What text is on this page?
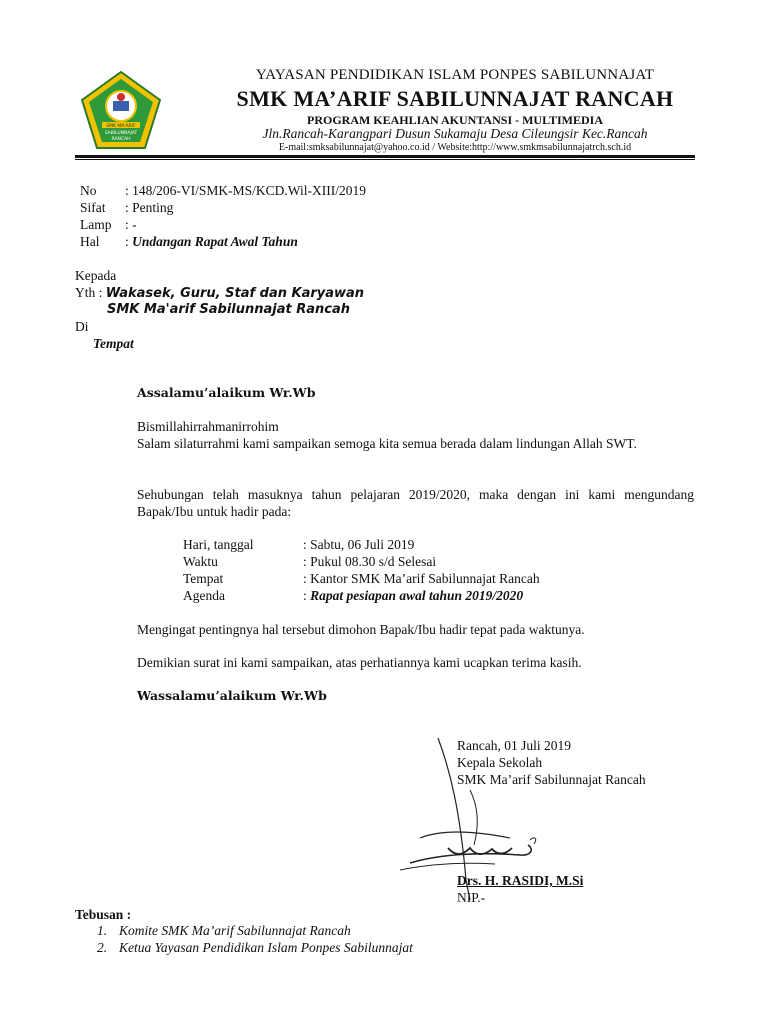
SMK MA'ARIF
SABILUNNAJAT
RANCAH
YAYASAN PENDIDIKAN ISLAM PONPES SABILUNNAJAT
SMK MA’ARIF SABILUNNAJAT RANCAH
PROGRAM KEAHLIAN AKUNTANSI - MULTIMEDIA
Jln.Rancah-Karangpari Dusun Sukamaju Desa Cileungsir Kec.Rancah
E-mail:smksabilunnajat@yahoo.co.id / Website:http://www.smkmsabilunnajatrch.sch.id
No : 148/206-VI/SMK-MS/KCD.Wil-XIII/2019
Sifat : Penting
Lamp : -
Hal : Undangan Rapat Awal Tahun
Kepada
Yth : Wakasek, Guru, Staf dan Karyawan
SMK Ma'arif Sabilunnajat Rancah
Di
Tempat
Assalamu’alaikum Wr.Wb
Bismillahirrahmanirrohim
Salam silaturrahmi kami sampaikan semoga kita semua berada dalam lindungan Allah SWT.
Sehubungan telah masuknya tahun pelajaran 2019/2020, maka dengan ini kami mengundang Bapak/Ibu untuk hadir pada:
Hari, tanggal	: Sabtu, 06 Juli 2019
Waktu	: Pukul 08.30 s/d Selesai
Tempat	: Kantor SMK Ma’arif Sabilunnajat Rancah
Agenda	: Rapat pesiapan awal tahun 2019/2020
Mengingat pentingnya hal tersebut dimohon Bapak/Ibu hadir tepat pada waktunya.
Demikian surat ini kami sampaikan, atas perhatiannya kami ucapkan terima kasih.
Wassalamu’alaikum Wr.Wb
Rancah, 01 Juli 2019
Kepala Sekolah
SMK Ma’arif Sabilunnajat Rancah
Drs. H. RASIDI, M.Si
NIP.-
Tebusan :
1. Komite SMK Ma’arif Sabilunnajat Rancah
2. Ketua Yayasan Pendidikan Islam Ponpes Sabilunnajat
